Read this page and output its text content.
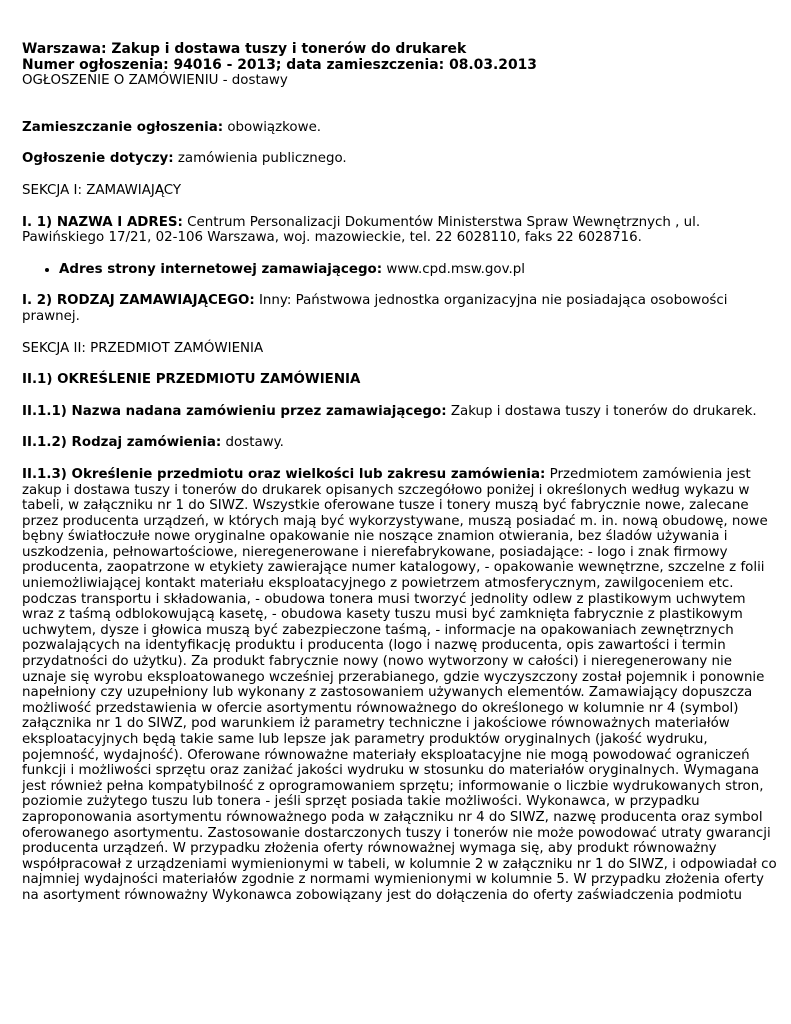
Warszawa: Zakup i dostawa tuszy i tonerów do drukarek
Numer ogłoszenia: 94016 - 2013; data zamieszczenia: 08.03.2013
OGŁOSZENIE O ZAMÓWIENIU - dostawy

Zamieszczanie ogłoszenia: obowiązkowe.

Ogłoszenie dotyczy: zamówienia publicznego.

SEKCJA I: ZAMAWIAJĄCY

I. 1) NAZWA I ADRES: Centrum Personalizacji Dokumentów Ministerstwa Spraw Wewnętrznych , ul. Pawińskiego 17/21, 02-106 Warszawa, woj. mazowieckie, tel. 22 6028110, faks 22 6028716.

• Adres strony internetowej zamawiającego: www.cpd.msw.gov.pl

I. 2) RODZAJ ZAMAWIAJĄCEGO: Inny: Państwowa jednostka organizacyjna nie posiadająca osobowości prawnej.

SEKCJA II: PRZEDMIOT ZAMÓWIENIA

II.1) OKREŚLENIE PRZEDMIOTU ZAMÓWIENIA

II.1.1) Nazwa nadana zamówieniu przez zamawiającego: Zakup i dostawa tuszy i tonerów do drukarek.

II.1.2) Rodzaj zamówienia: dostawy.

II.1.3) Określenie przedmiotu oraz wielkości lub zakresu zamówienia: Przedmiotem zamówienia jest zakup i dostawa tuszy i tonerów do drukarek opisanych szczegółowo poniżej i określonych według wykazu w tabeli, w załączniku nr 1 do SIWZ. Wszystkie oferowane tusze i tonery muszą być fabrycznie nowe, zalecane przez producenta urządzeń, w których mają być wykorzystywane, muszą posiadać m. in. nową obudowę, nowe bębny światłoczułe nowe oryginalne opakowanie nie noszące znamion otwierania, bez śladów używania i uszkodzenia, pełnowartościowe, nieregenerowane i nierefabrykowane, posiadające: - logo i znak firmowy producenta, zaopatrzone w etykiety zawierające numer katalogowy, - opakowanie wewnętrzne, szczelne z folii uniemożliwiającej kontakt materiału eksploatacyjnego z powietrzem atmosferycznym, zawilgoceniem etc. podczas transportu i składowania, - obudowa tonera musi tworzyć jednolity odlew z plastikowym uchwytem wraz z taśmą odblokowującą kasetę, - obudowa kasety tuszu musi być zamknięta fabrycznie z plastikowym uchwytem, dysze i głowica muszą być zabezpieczone taśmą, - informacje na opakowaniach zewnętrznych pozwalających na identyfikację produktu i producenta (logo i nazwę producenta, opis zawartości i termin przydatności do użytku). Za produkt fabrycznie nowy (nowo wytworzony w całości) i nieregenerowany nie uznaje się wyrobu eksploatowanego wcześniej przerabianego, gdzie wyczyszczony został pojemnik i ponownie napełniony czy uzupełniony lub wykonany z zastosowaniem używanych elementów. Zamawiający dopuszcza możliwość przedstawienia w ofercie asortymentu równoważnego do określonego w kolumnie nr 4 (symbol) załącznika nr 1 do SIWZ, pod warunkiem iż parametry techniczne i jakościowe równoważnych materiałów eksploatacyjnych będą takie same lub lepsze jak parametry produktów oryginalnych (jakość wydruku, pojemność, wydajność). Oferowane równoważne materiały eksploatacyjne nie mogą powodować ograniczeń funkcji i możliwości sprzętu oraz zaniżać jakości wydruku w stosunku do materiałów oryginalnych. Wymagana jest również pełna kompatybilność z oprogramowaniem sprzętu; informowanie o liczbie wydrukowanych stron, poziomie zużytego tuszu lub tonera - jeśli sprzęt posiada takie możliwości. Wykonawca, w przypadku zaproponowania asortymentu równoważnego poda w załączniku nr 4 do SIWZ, nazwę producenta oraz symbol oferowanego asortymentu. Zastosowanie dostarczonych tuszy i tonerów nie może powodować utraty gwarancji producenta urządzeń. W przypadku złożenia oferty równoważnej wymaga się, aby produkt równoważny współpracował z urządzeniami wymienionymi w tabeli, w kolumnie 2 w załączniku nr 1 do SIWZ, i odpowiadał co najmniej wydajności materiałów zgodnie z normami wymienionymi w kolumnie 5. W przypadku złożenia oferty na asortyment równoważny Wykonawca zobowiązany jest do dołączenia do oferty zaświadczenia podmiotu
